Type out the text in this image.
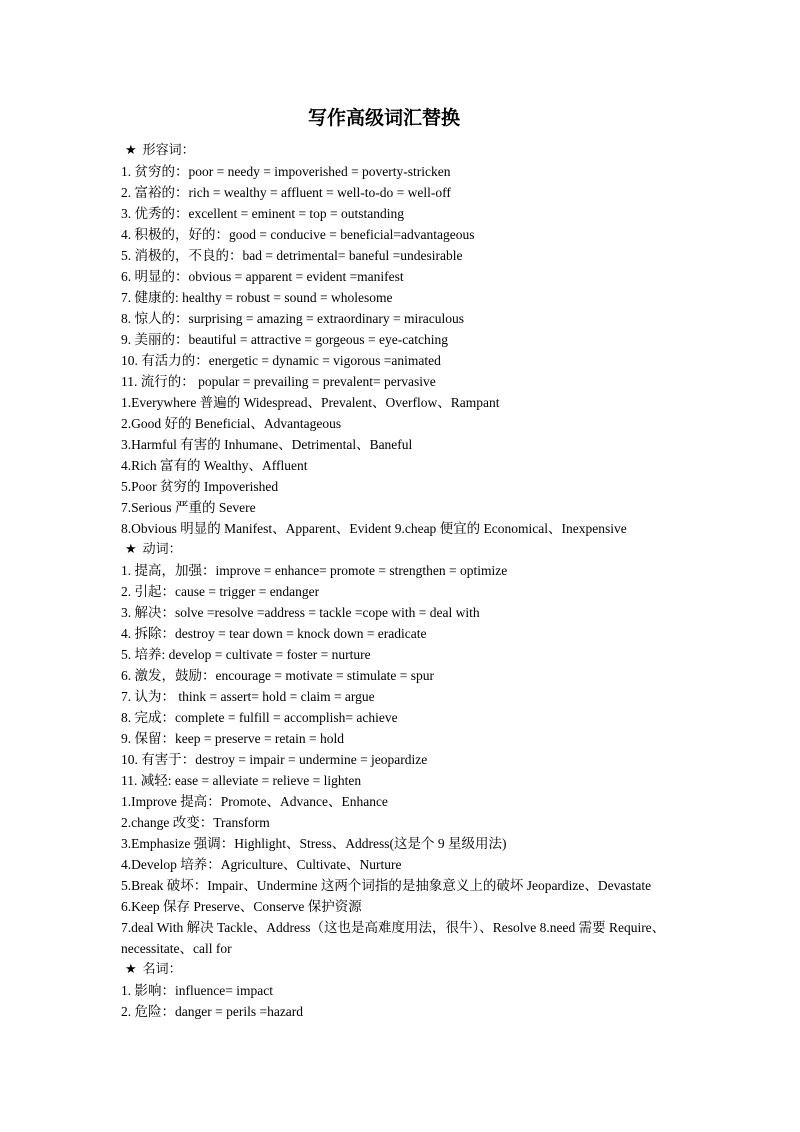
写作高级词汇替换
★ 形容词：
1. 贫穷的：poor = needy = impoverished = poverty-stricken
2. 富裕的：rich = wealthy = affluent = well-to-do = well-off
3. 优秀的：excellent = eminent = top = outstanding
4. 积极的，好的：good = conducive = beneficial=advantageous
5. 消极的，不良的：bad = detrimental= baneful =undesirable
6. 明显的：obvious = apparent = evident =manifest
7. 健康的: healthy = robust = sound = wholesome
8. 惊人的：surprising = amazing = extraordinary = miraculous
9. 美丽的：beautiful = attractive = gorgeous = eye-catching
10. 有活力的：energetic = dynamic = vigorous =animated
11. 流行的： popular = prevailing = prevalent= pervasive
1.Everywhere 普遍的 Widespread、Prevalent、Overflow、Rampant
2.Good 好的 Beneficial、Advantageous
3.Harmful 有害的 Inhumane、Detrimental、Baneful
4.Rich 富有的 Wealthy、Affluent
5.Poor 贫穷的 Impoverished
7.Serious 严重的 Severe
8.Obvious 明显的 Manifest、Apparent、Evident 9.cheap 便宜的 Economical、Inexpensive
★ 动词：
1. 提高，加强：improve = enhance= promote = strengthen = optimize
2. 引起：cause = trigger = endanger
3. 解决：solve =resolve =address = tackle =cope with = deal with
4. 拆除：destroy = tear down = knock down = eradicate
5. 培养: develop = cultivate = foster = nurture
6. 激发，鼓励：encourage = motivate = stimulate = spur
7. 认为： think = assert= hold = claim = argue
8. 完成：complete = fulfill = accomplish= achieve
9. 保留：keep = preserve = retain = hold
10. 有害于：destroy = impair = undermine = jeopardize
11. 减轻: ease = alleviate = relieve = lighten
1.Improve 提高：Promote、Advance、Enhance
2.change 改变：Transform
3.Emphasize 强调：Highlight、Stress、Address(这是个 9 星级用法)
4.Develop 培养：Agriculture、Cultivate、Nurture
5.Break 破坏：Impair、Undermine 这两个词指的是抽象意义上的破坏 Jeopardize、Devastate
6.Keep 保存 Preserve、Conserve 保护资源
7.deal With 解决 Tackle、Address（这也是高难度用法，很牛）、Resolve 8.need 需要 Require、necessitate、call for
★ 名词：
1. 影响：influence= impact
2. 危险：danger = perils =hazard
